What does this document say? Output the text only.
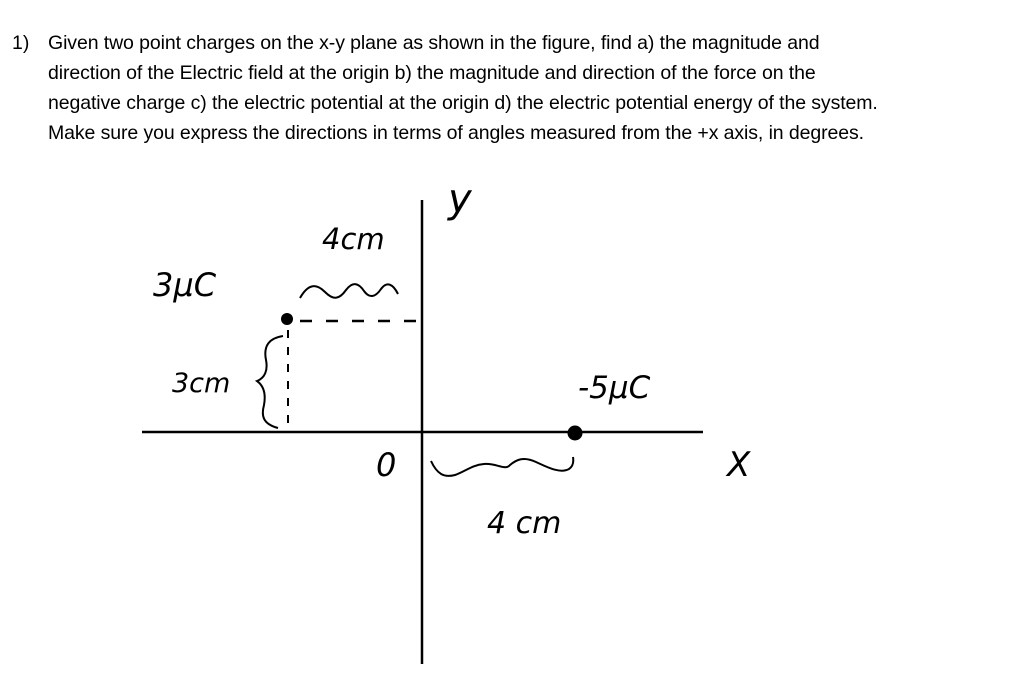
1) Given two point charges on the x-y plane as shown in the figure, find a) the magnitude and
direction of the Electric field at the origin b) the magnitude and direction of the force on the
negative charge c) the electric potential at the origin d) the electric potential energy of the system.
Make sure you express the directions in terms of angles measured from the +x axis, in degrees.
y
X
0
3μC
-5μC
4cm
3cm
4 cm
